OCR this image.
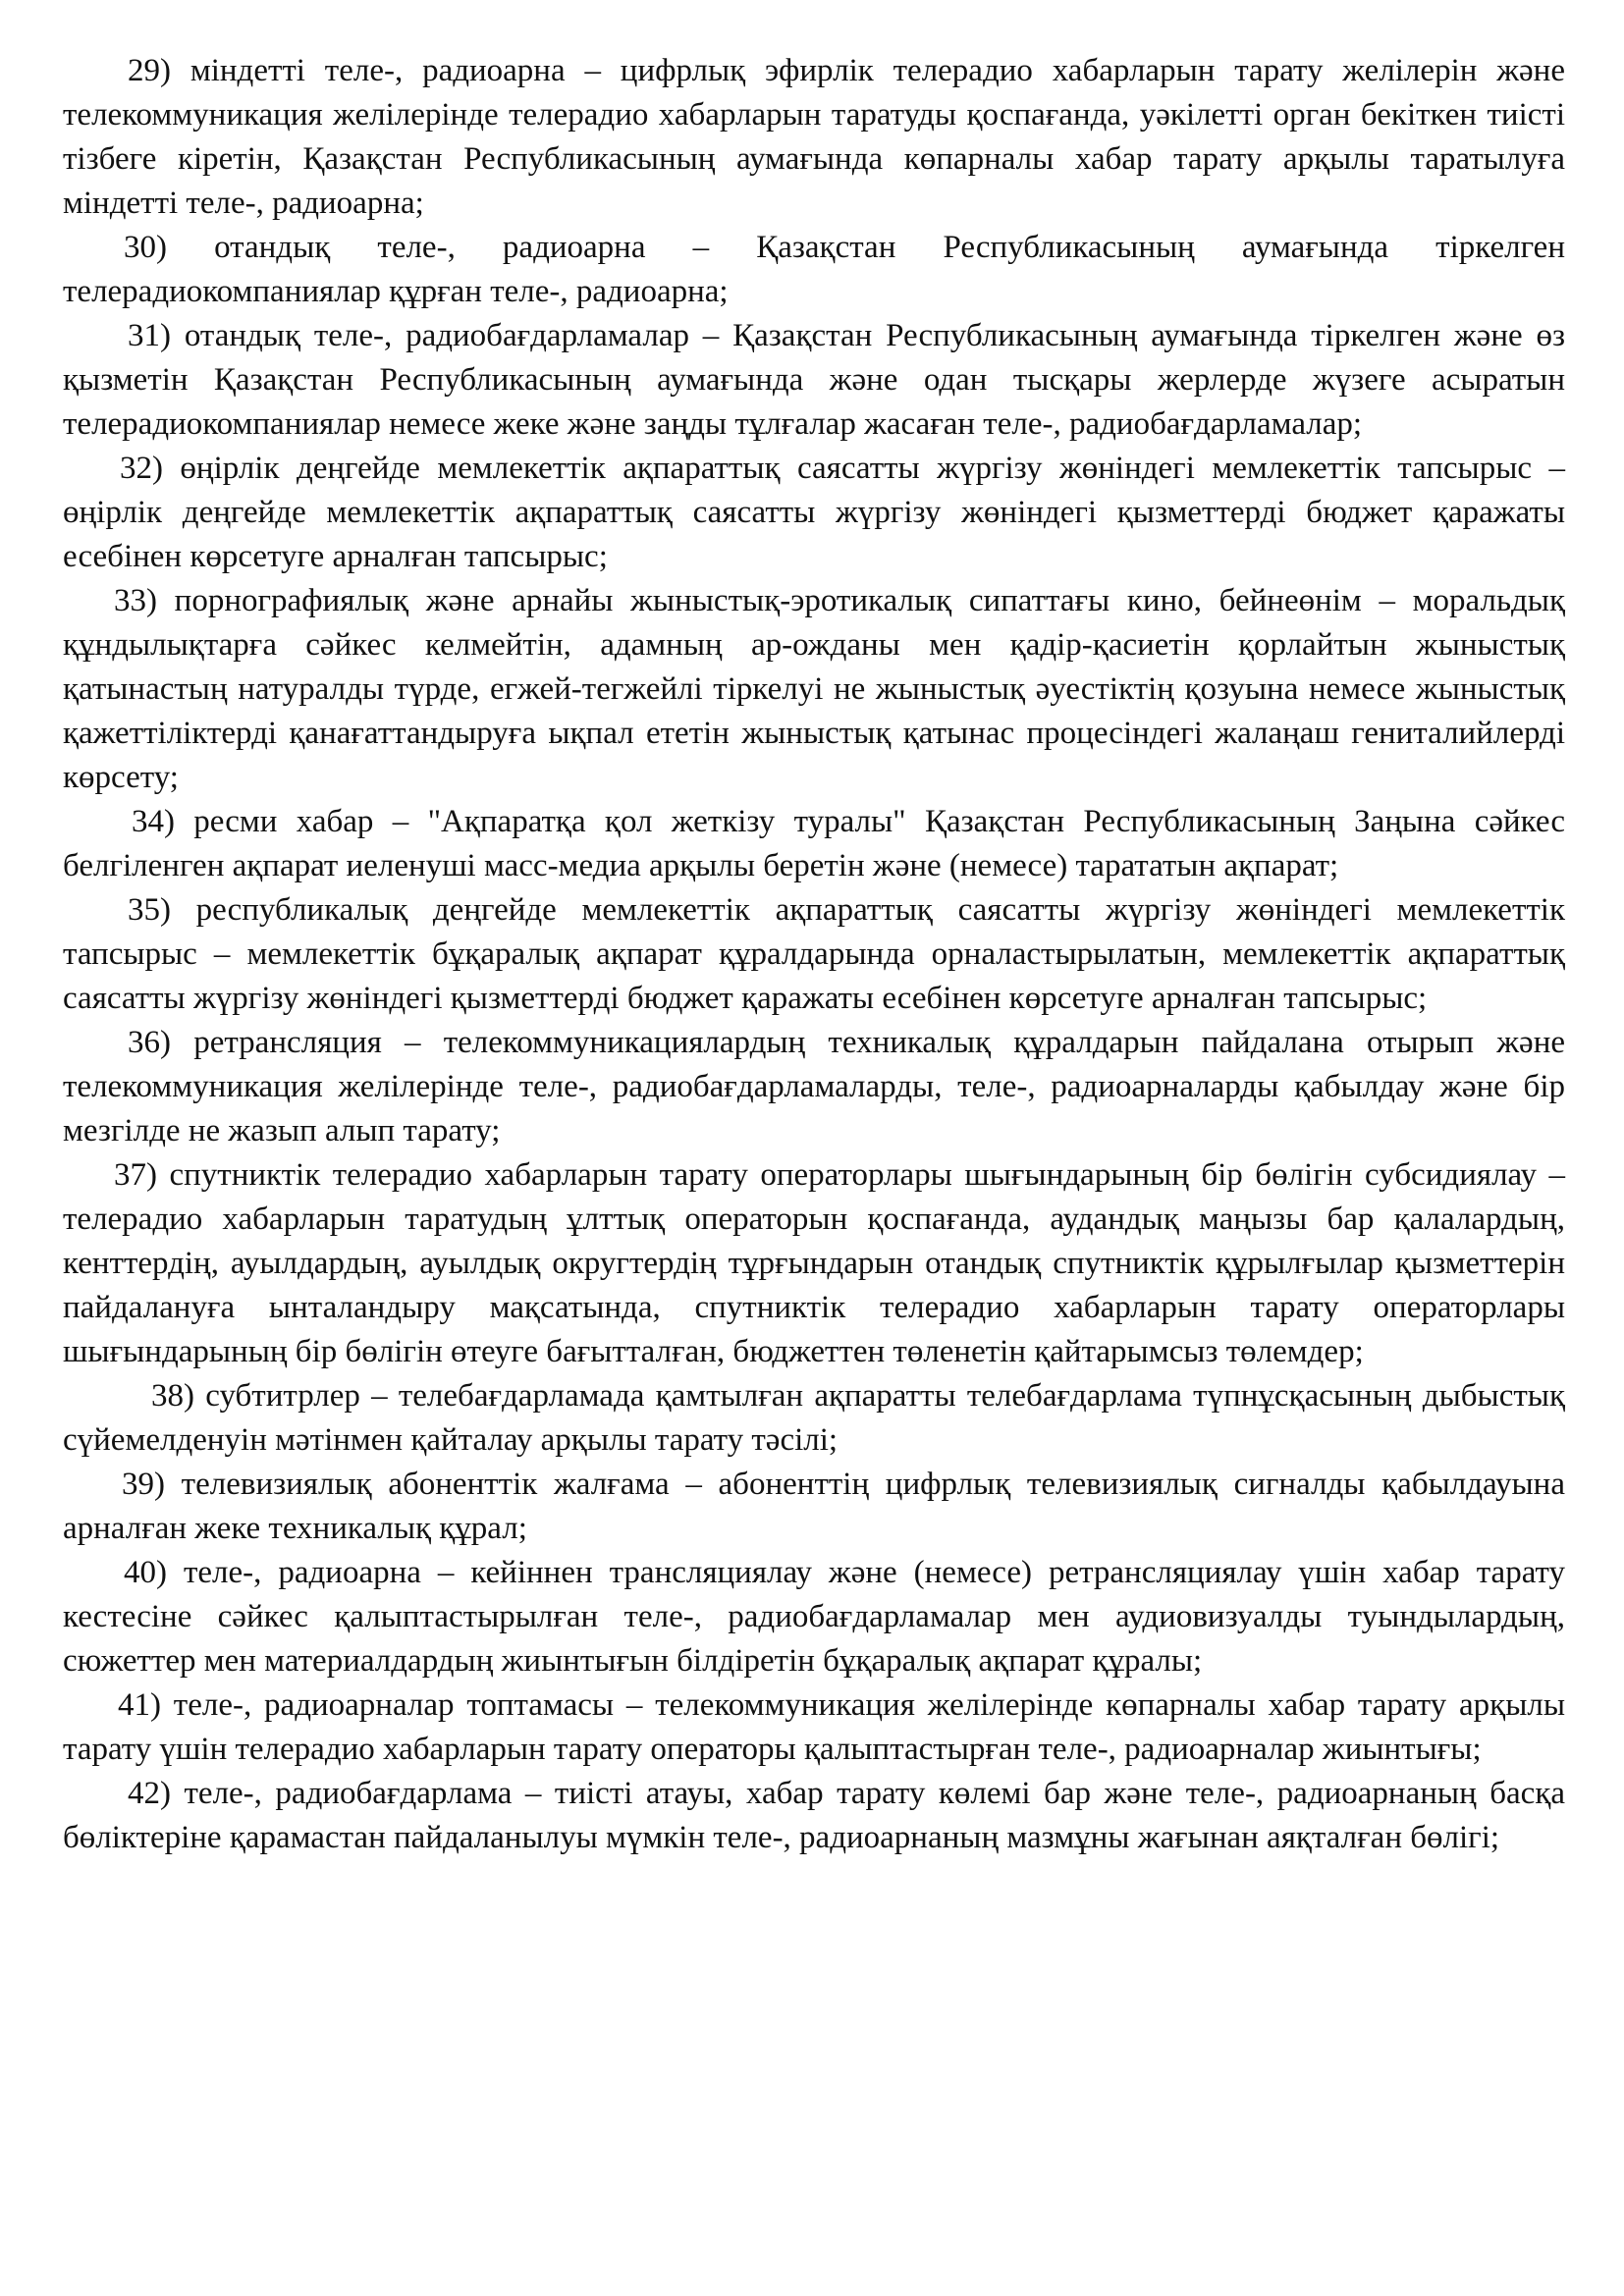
29) міндетті теле-, радиоарна – цифрлық эфирлік телерадио хабарларын тарату желілерін және телекоммуникация желілерінде телерадио хабарларын таратуды қоспағанда, уәкілетті орган бекіткен тиісті тізбеге кіретін, Қазақстан Республикасының аумағында көпарналы хабар тарату арқылы таратылуға міндетті теле-, радиоарна;

30) отандық теле-, радиоарна – Қазақстан Республикасының аумағында тіркелген телерадиокомпаниялар құрған теле-, радиоарна;

31) отандық теле-, радиобағдарламалар – Қазақстан Республикасының аумағында тіркелген және өз қызметін Қазақстан Республикасының аумағында және одан тысқары жерлерде жүзеге асыратын телерадиокомпаниялар немесе жеке және заңды тұлғалар жасаған теле-, радиобағдарламалар;

32) өңірлік деңгейде мемлекеттік ақпараттық саясатты жүргізу жөніндегі мемлекеттік тапсырыс – өңірлік деңгейде мемлекеттік ақпараттық саясатты жүргізу жөніндегі қызметтерді бюджет қаражаты есебінен көрсетуге арналған тапсырыс;

33) порнографиялық және арнайы жыныстық-эротикалық сипаттағы кино, бейнеөнім – моральдық құндылықтарға сәйкес келмейтін, адамның ар-ожданы мен қадір-қасиетін қорлайтын жыныстық қатынастың натуралды түрде, егжей-тегжейлі тіркелуі не жыныстық әуестіктің қозуына немесе жыныстық қажеттіліктерді қанағаттандыруға ықпал ететін жыныстық қатынас процесіндегі жалаңаш гениталийлерді көрсету;

34) ресми хабар – "Ақпаратқа қол жеткізу туралы" Қазақстан Республикасының Заңына сәйкес белгіленген ақпарат иеленуші масс-медиа арқылы беретін және (немесе) тарататын ақпарат;

35) республикалық деңгейде мемлекеттік ақпараттық саясатты жүргізу жөніндегі мемлекеттік тапсырыс – мемлекеттік бұқаралық ақпарат құралдарында орналастырылатын, мемлекеттік ақпараттық саясатты жүргізу жөніндегі қызметтерді бюджет қаражаты есебінен көрсетуге арналған тапсырыс;

36) ретрансляция – телекоммуникациялардың техникалық құралдарын пайдалана отырып және телекоммуникация желілерінде теле-, радиобағдарламаларды, теле-, радиоарналарды қабылдау және бір мезгілде не жазып алып тарату;

37) спутниктік телерадио хабарларын тарату операторлары шығындарының бір бөлігін субсидиялау – телерадио хабарларын таратудың ұлттық операторын қоспағанда, аудандық маңызы бар қалалардың, кенттердің, ауылдардың, ауылдық округтердің тұрғындарын отандық спутниктік құрылғылар қызметтерін пайдалануға ынталандыру мақсатында, спутниктік телерадио хабарларын тарату операторлары шығындарының бір бөлігін өтеуге бағытталған, бюджеттен төленетін қайтарымсыз төлемдер;

38) субтитрлер – телебағдарламада қамтылған ақпаратты телебағдарлама түпнұсқасының дыбыстық сүйемелденуін мәтінмен қайталау арқылы тарату тәсілі;

39) телевизиялық абоненттік жалғама – абоненттің цифрлық телевизиялық сигналды қабылдауына арналған жеке техникалық құрал;

40) теле-, радиоарна – кейіннен трансляциялау және (немесе) ретрансляциялау үшін хабар тарату кестесіне сәйкес қалыптастырылған теле-, радиобағдарламалар мен аудиовизуалды туындылардың, сюжеттер мен материалдардың жиынтығын білдіретін бұқаралық ақпарат құралы;

41) теле-, радиоарналар топтамасы – телекоммуникация желілерінде көпарналы хабар тарату арқылы тарату үшін телерадио хабарларын тарату операторы қалыптастырған теле-, радиоарналар жиынтығы;

42) теле-, радиобағдарлама – тиісті атауы, хабар тарату көлемі бар және теле-, радиоарнаның басқа бөліктеріне қарамастан пайдаланылуы мүмкін теле-, радиоарнаның мазмұны жағынан аяқталған бөлігі;
